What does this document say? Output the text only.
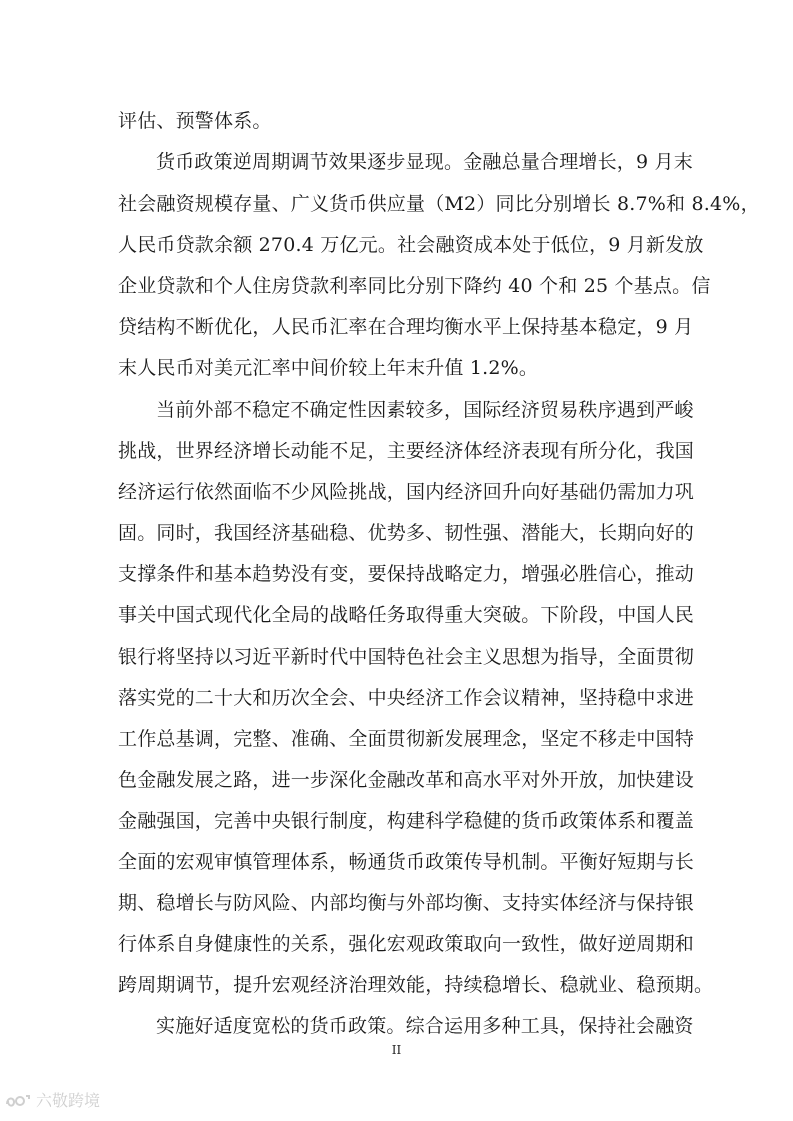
评估、预警体系。
货币政策逆周期调节效果逐步显现。金融总量合理增长，9 月末
社会融资规模存量、广义货币供应量（M2）同比分别增长 8.7%和 8.4%，
人民币贷款余额 270.4 万亿元。社会融资成本处于低位，9 月新发放
企业贷款和个人住房贷款利率同比分别下降约 40 个和 25 个基点。信
贷结构不断优化，人民币汇率在合理均衡水平上保持基本稳定，9 月
末人民币对美元汇率中间价较上年末升值 1.2%。
当前外部不稳定不确定性因素较多，国际经济贸易秩序遇到严峻
挑战，世界经济增长动能不足，主要经济体经济表现有所分化，我国
经济运行依然面临不少风险挑战，国内经济回升向好基础仍需加力巩
固。同时，我国经济基础稳、优势多、韧性强、潜能大，长期向好的
支撑条件和基本趋势没有变，要保持战略定力，增强必胜信心，推动
事关中国式现代化全局的战略任务取得重大突破。下阶段，中国人民
银行将坚持以习近平新时代中国特色社会主义思想为指导，全面贯彻
落实党的二十大和历次全会、中央经济工作会议精神，坚持稳中求进
工作总基调，完整、准确、全面贯彻新发展理念，坚定不移走中国特
色金融发展之路，进一步深化金融改革和高水平对外开放，加快建设
金融强国，完善中央银行制度，构建科学稳健的货币政策体系和覆盖
全面的宏观审慎管理体系，畅通货币政策传导机制。平衡好短期与长
期、稳增长与防风险、内部均衡与外部均衡、支持实体经济与保持银
行体系自身健康性的关系，强化宏观政策取向一致性，做好逆周期和
跨周期调节，提升宏观经济治理效能，持续稳增长、稳就业、稳预期。
实施好适度宽松的货币政策。综合运用多种工具，保持社会融资
II
六敬跨境
